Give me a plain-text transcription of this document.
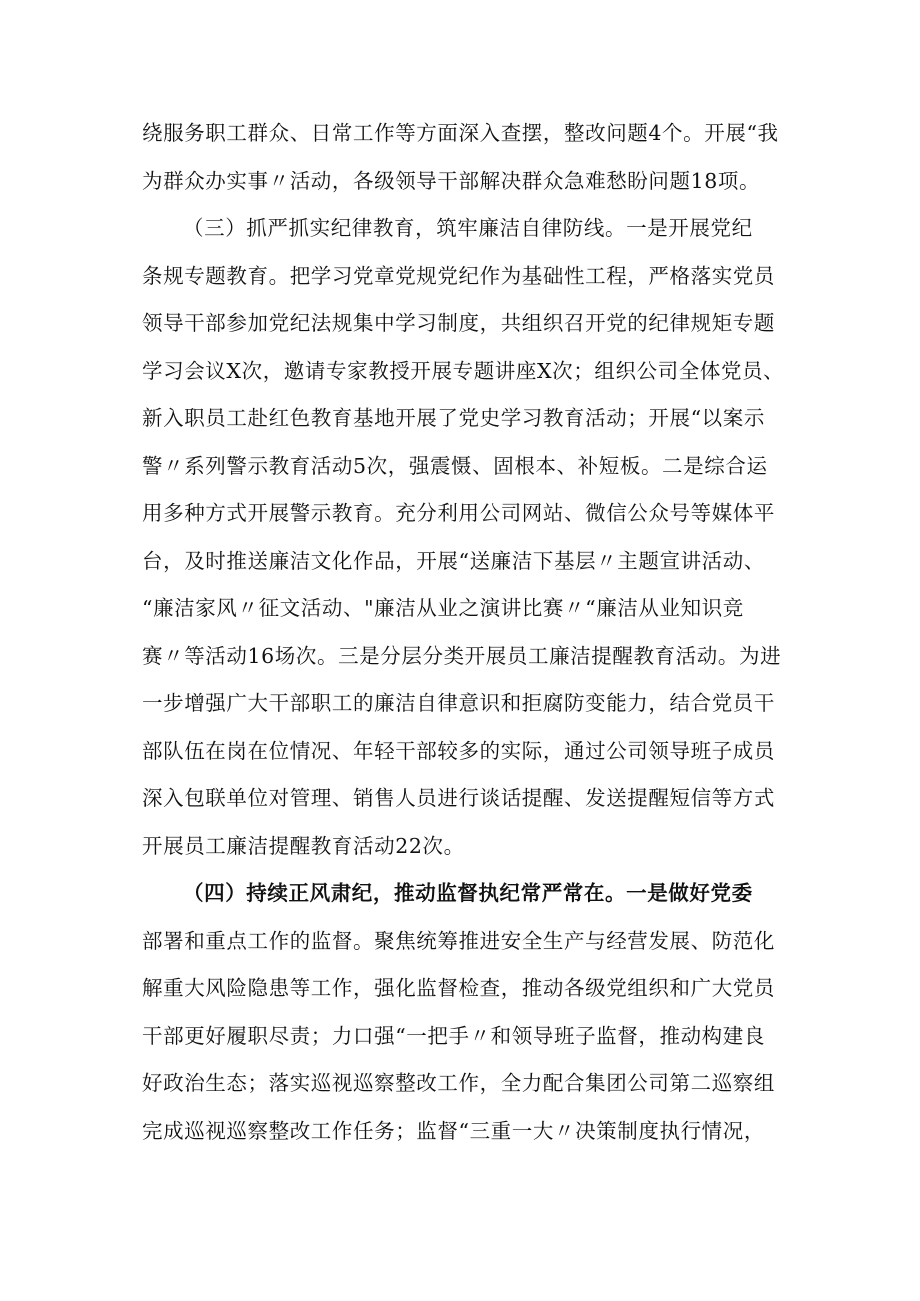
绕服务职工群众、日常工作等方面深入查摆，整改问题4个。开展“我
为群众办实事〃活动，各级领导干部解决群众急难愁盼问题18项。
（三）抓严抓实纪律教育，筑牢廉洁自律防线。一是开展党纪
条规专题教育。把学习党章党规党纪作为基础性工程，严格落实党员
领导干部参加党纪法规集中学习制度，共组织召开党的纪律规矩专题
学习会议X次，邀请专家教授开展专题讲座X次；组织公司全体党员、
新入职员工赴红色教育基地开展了党史学习教育活动；开展“以案示
警〃系列警示教育活动5次，强震慑、固根本、补短板。二是综合运
用多种方式开展警示教育。充分利用公司网站、微信公众号等媒体平
台，及时推送廉洁文化作品，开展“送廉洁下基层〃主题宣讲活动、
“廉洁家风〃征文活动、"廉洁从业之演讲比赛〃“廉洁从业知识竞
赛〃等活动16场次。三是分层分类开展员工廉洁提醒教育活动。为进
一步增强广大干部职工的廉洁自律意识和拒腐防变能力，结合党员干
部队伍在岗在位情况、年轻干部较多的实际，通过公司领导班子成员
深入包联单位对管理、销售人员进行谈话提醒、发送提醒短信等方式
开展员工廉洁提醒教育活动22次。
（四）持续正风肃纪，推动监督执纪常严常在。一是做好党委
部署和重点工作的监督。聚焦统筹推进安全生产与经营发展、防范化
解重大风险隐患等工作，强化监督检查，推动各级党组织和广大党员
干部更好履职尽责；力口强“一把手〃和领导班子监督，推动构建良
好政治生态；落实巡视巡察整改工作，全力配合集团公司第二巡察组
完成巡视巡察整改工作任务；监督“三重一大〃决策制度执行情况，
